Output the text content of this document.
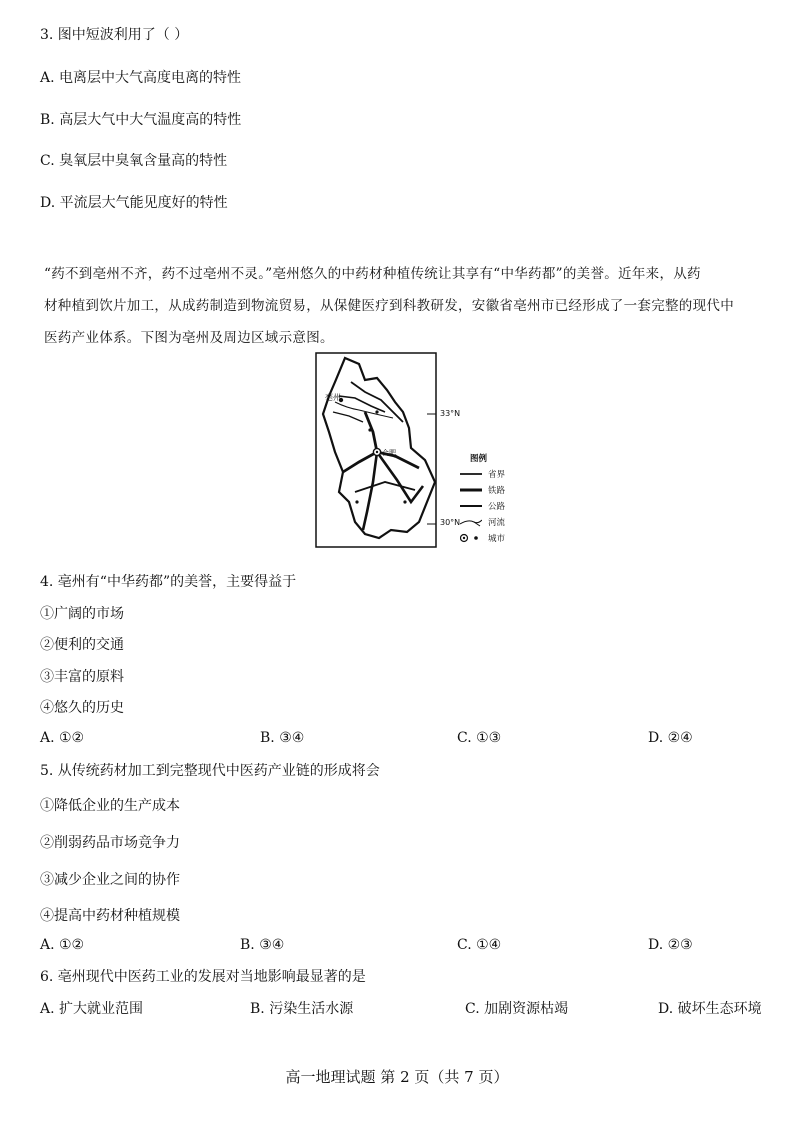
3. 图中短波利用了（ ）
A. 电离层中大气高度电离的特性
B. 高层大气中大气温度高的特性
C. 臭氧层中臭氧含量高的特性
D. 平流层大气能见度好的特性
“药不到亳州不齐，药不过亳州不灵。”亳州悠久的中药材种植传统让其享有“中华药都”的美誉。近年来，从药
材种植到饮片加工，从成药制造到物流贸易，从保健医疗到科教研发，安徽省亳州市已经形成了一套完整的现代中
医药产业体系。下图为亳州及周边区域示意图。
亳州
合肥
33°N
30°N
图例
省界
铁路
公路
河流
城市
4. 亳州有“中华药都”的美誉，主要得益于
①广阔的市场
②便利的交通
③丰富的原料
④悠久的历史
A. ①②	B. ③④	C. ①③	D. ②④
5. 从传统药材加工到完整现代中医药产业链的形成将会
①降低企业的生产成本
②削弱药品市场竞争力
③减少企业之间的协作
④提高中药材种植规模
A. ①②	B. ③④	C. ①④	D. ②③
6. 亳州现代中医药工业的发展对当地影响最显著的是
A. 扩大就业范围	B. 污染生活水源	C. 加剧资源枯竭	D. 破坏生态环境
高一地理试题 第 2 页（共 7 页）
